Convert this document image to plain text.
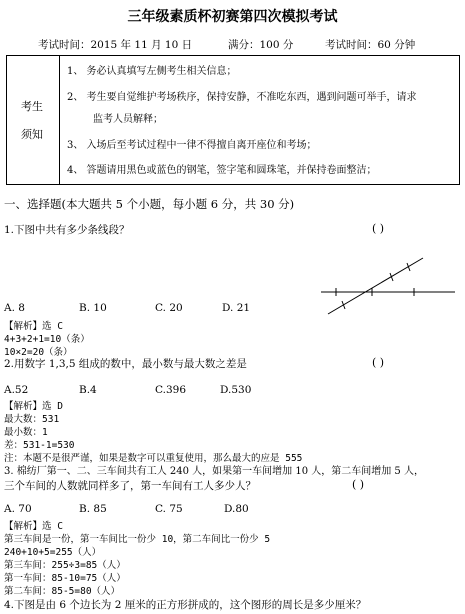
三年级素质杯初赛第四次模拟考试
考试时间：2015 年 11 月 10 日	满分：100 分	考试时间：60 分钟
考生
须知
1、 务必认真填写左侧考生相关信息；
2、 考生要自觉维护考场秩序，保持安静，不准吃东西，遇到问题可举手，请求
监考人员解释；
3、 入场后至考试过程中一律不得擅自离开座位和考场；
4、 答题请用黑色或蓝色的钢笔，签字笔和圆珠笔，并保持卷面整洁；
一、选择题(本大题共 5 个小题，每小题 6 分，共 30 分)
1.下图中共有多少条线段？	( )
A. 8	B. 10	C. 20	D. 21
【解析】选 C
4+3+2+1=10（条）
10×2=20（条）
2.用数字 1,3,5 组成的数中，最小数与最大数之差是	( )
A.52	B.4	C.396	D.530
【解析】选 D
最大数：531
最小数：1
差：531-1=530
注：本题不是很严谨，如果是数字可以重复使用，那么最大的应是 555
3. 棉纺厂第一、二、三车间共有工人 240 人，如果第一车间增加 10 人，第二车间增加 5 人，
三个车间的人数就同样多了，第一车间有工人多少人？	( )
A. 70	B. 85	C. 75	D.80
【解析】选 C
第三车间是一份，第一车间比一份少 10，第二车间比一份少 5
240+10+5=255（人）
第三车间：255÷3=85（人）
第一车间：85-10=75（人）
第二车间：85-5=80（人）
4.下图是由 6 个边长为 2 厘米的正方形拼成的，这个图形的周长是多少厘米？
